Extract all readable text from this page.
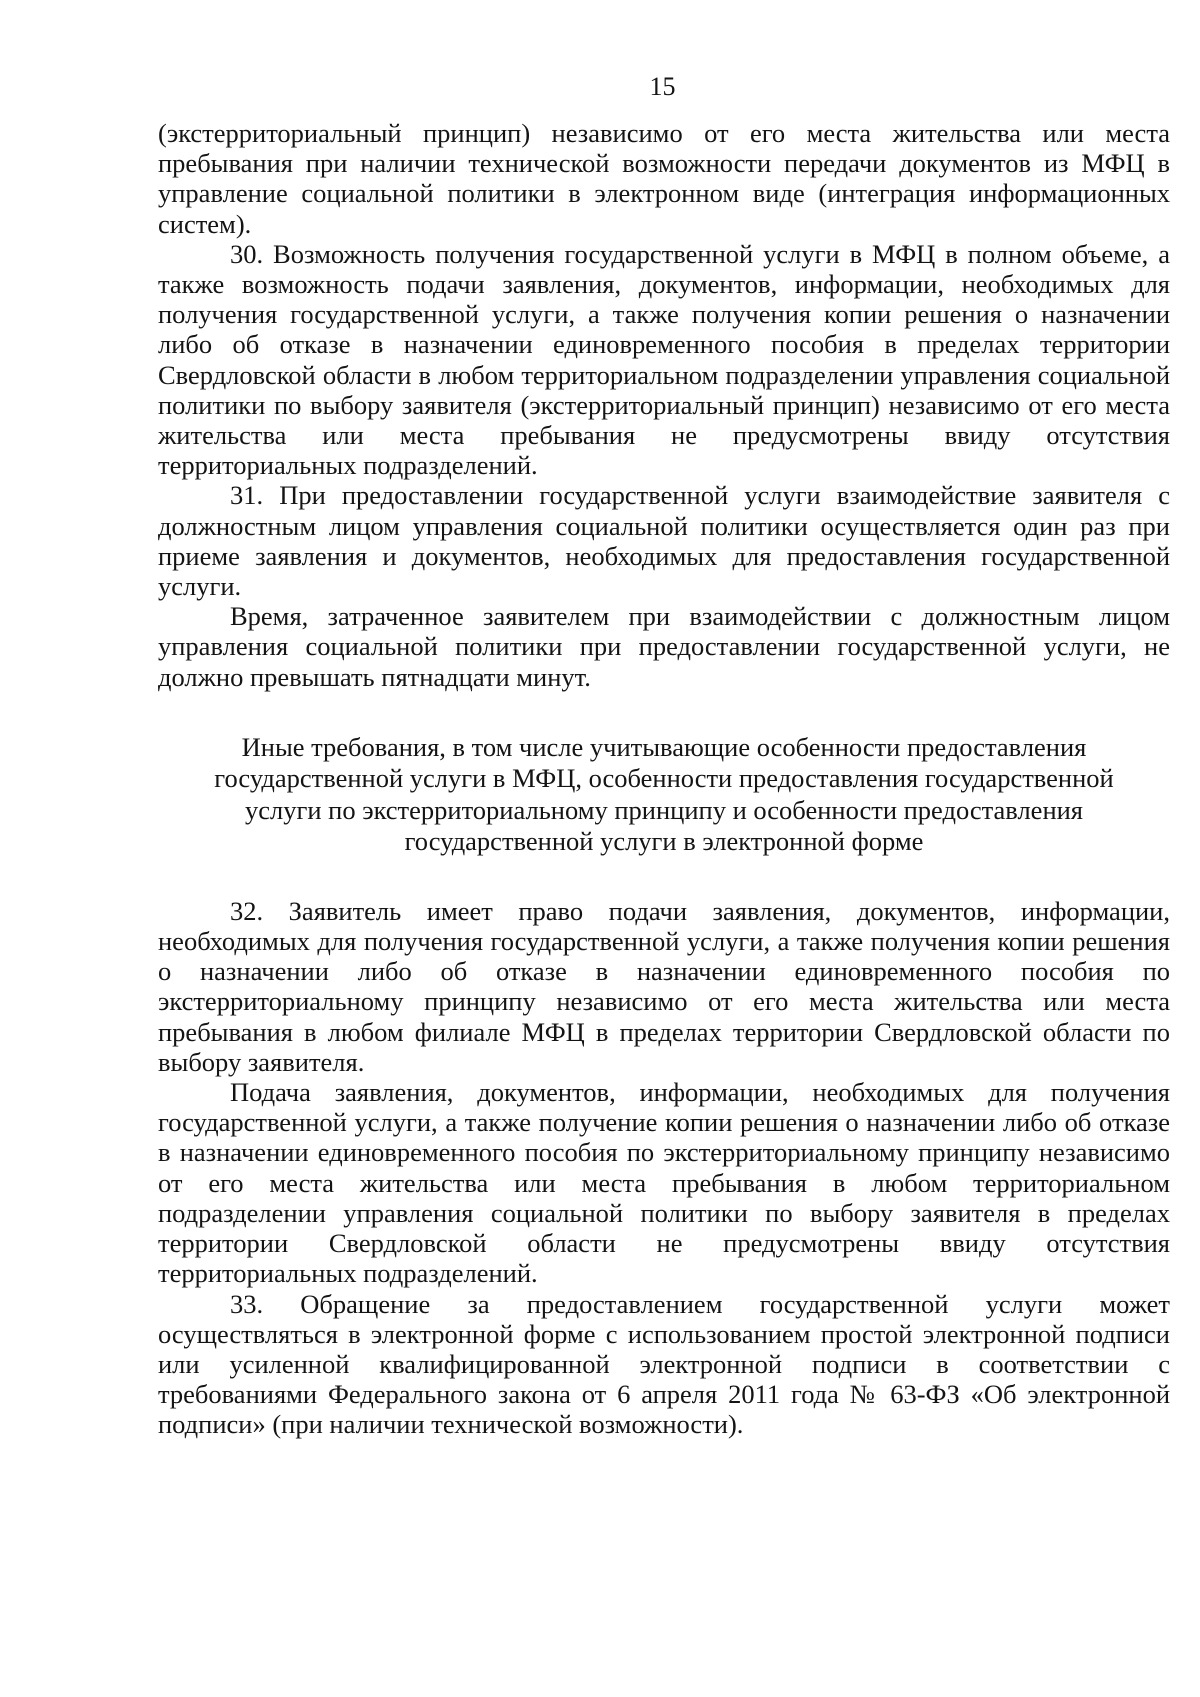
15

(экстерриториальный принцип) независимо от его места жительства или места пребывания при наличии технической возможности передачи документов из МФЦ в управление социальной политики в электронном виде (интеграция информационных систем).

30. Возможность получения государственной услуги в МФЦ в полном объеме, а также возможность подачи заявления, документов, информации, необходимых для получения государственной услуги, а также получения копии решения о назначении либо об отказе в назначении единовременного пособия в пределах территории Свердловской области в любом территориальном подразделении управления социальной политики по выбору заявителя (экстерриториальный принцип) независимо от его места жительства или места пребывания не предусмотрены ввиду отсутствия территориальных подразделений.

31. При предоставлении государственной услуги взаимодействие заявителя с должностным лицом управления социальной политики осуществляется один раз при приеме заявления и документов, необходимых для предоставления государственной услуги.

Время, затраченное заявителем при взаимодействии с должностным лицом управления социальной политики при предоставлении государственной услуги, не должно превышать пятнадцати минут.

Иные требования, в том числе учитывающие особенности предоставления государственной услуги в МФЦ, особенности предоставления государственной услуги по экстерриториальному принципу и особенности предоставления государственной услуги в электронной форме

32. Заявитель имеет право подачи заявления, документов, информации, необходимых для получения государственной услуги, а также получения копии решения о назначении либо об отказе в назначении единовременного пособия по экстерриториальному принципу независимо от его места жительства или места пребывания в любом филиале МФЦ в пределах территории Свердловской области по выбору заявителя.

Подача заявления, документов, информации, необходимых для получения государственной услуги, а также получение копии решения о назначении либо об отказе в назначении единовременного пособия по экстерриториальному принципу независимо от его места жительства или места пребывания в любом территориальном подразделении управления социальной политики по выбору заявителя в пределах территории Свердловской области не предусмотрены ввиду отсутствия территориальных подразделений.

33. Обращение за предоставлением государственной услуги может осуществляться в электронной форме с использованием простой электронной подписи или усиленной квалифицированной электронной подписи в соответствии с требованиями Федерального закона от 6 апреля 2011 года № 63-ФЗ «Об электронной подписи» (при наличии технической возможности).
